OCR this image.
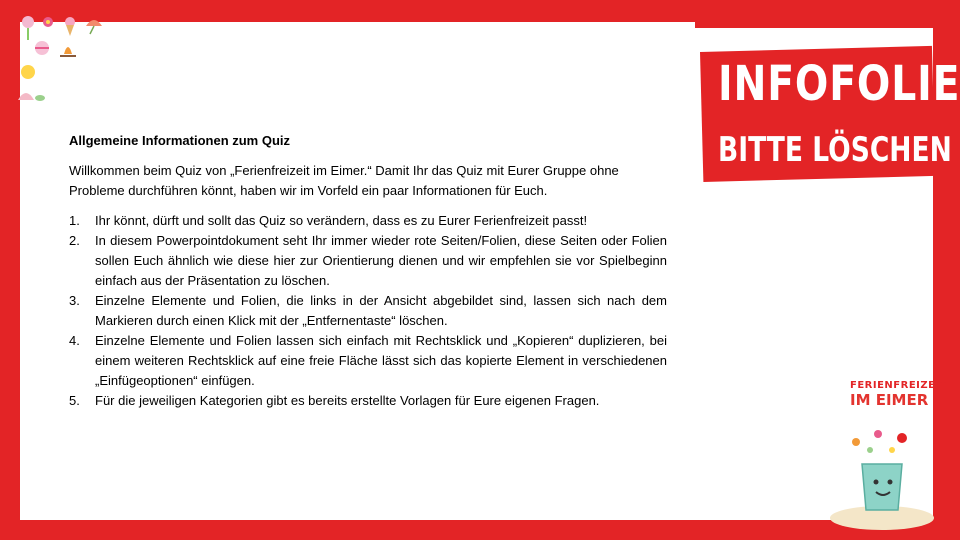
INFOFOLIE
BITTE LÖSCHEN
Allgemeine Informationen zum Quiz

Willkommen beim Quiz von „Ferienfreizeit im Eimer.“ Damit Ihr das Quiz mit Eurer Gruppe ohne Probleme durchführen könnt, haben wir im Vorfeld ein paar Informationen für Euch.

1.	Ihr könnt, dürft und sollt das Quiz so verändern, dass es zu Eurer Ferienfreizeit passt!
2.	In diesem Powerpointdokument seht Ihr immer wieder rote Seiten/Folien, diese Seiten oder Folien sollen Euch ähnlich wie diese hier zur Orientierung dienen und wir empfehlen sie vor Spielbeginn einfach aus der Präsentation zu löschen.
3.	Einzelne Elemente und Folien, die links in der Ansicht abgebildet sind, lassen sich nach dem Markieren durch einen Klick mit der „Entfernentaste“ löschen.
4.	Einzelne Elemente und Folien lassen sich einfach mit Rechtsklick und „Kopieren“ duplizieren, bei einem weiteren Rechtsklick auf eine freie Fläche lässt sich das kopierte Element in verschiedenen „Einfügeoptionen“ einfügen.
5.	Für die jeweiligen Kategorien gibt es bereits erstellte Vorlagen für Eure eigenen Fragen.
FERIENFREIZEIT
IM EIMER
